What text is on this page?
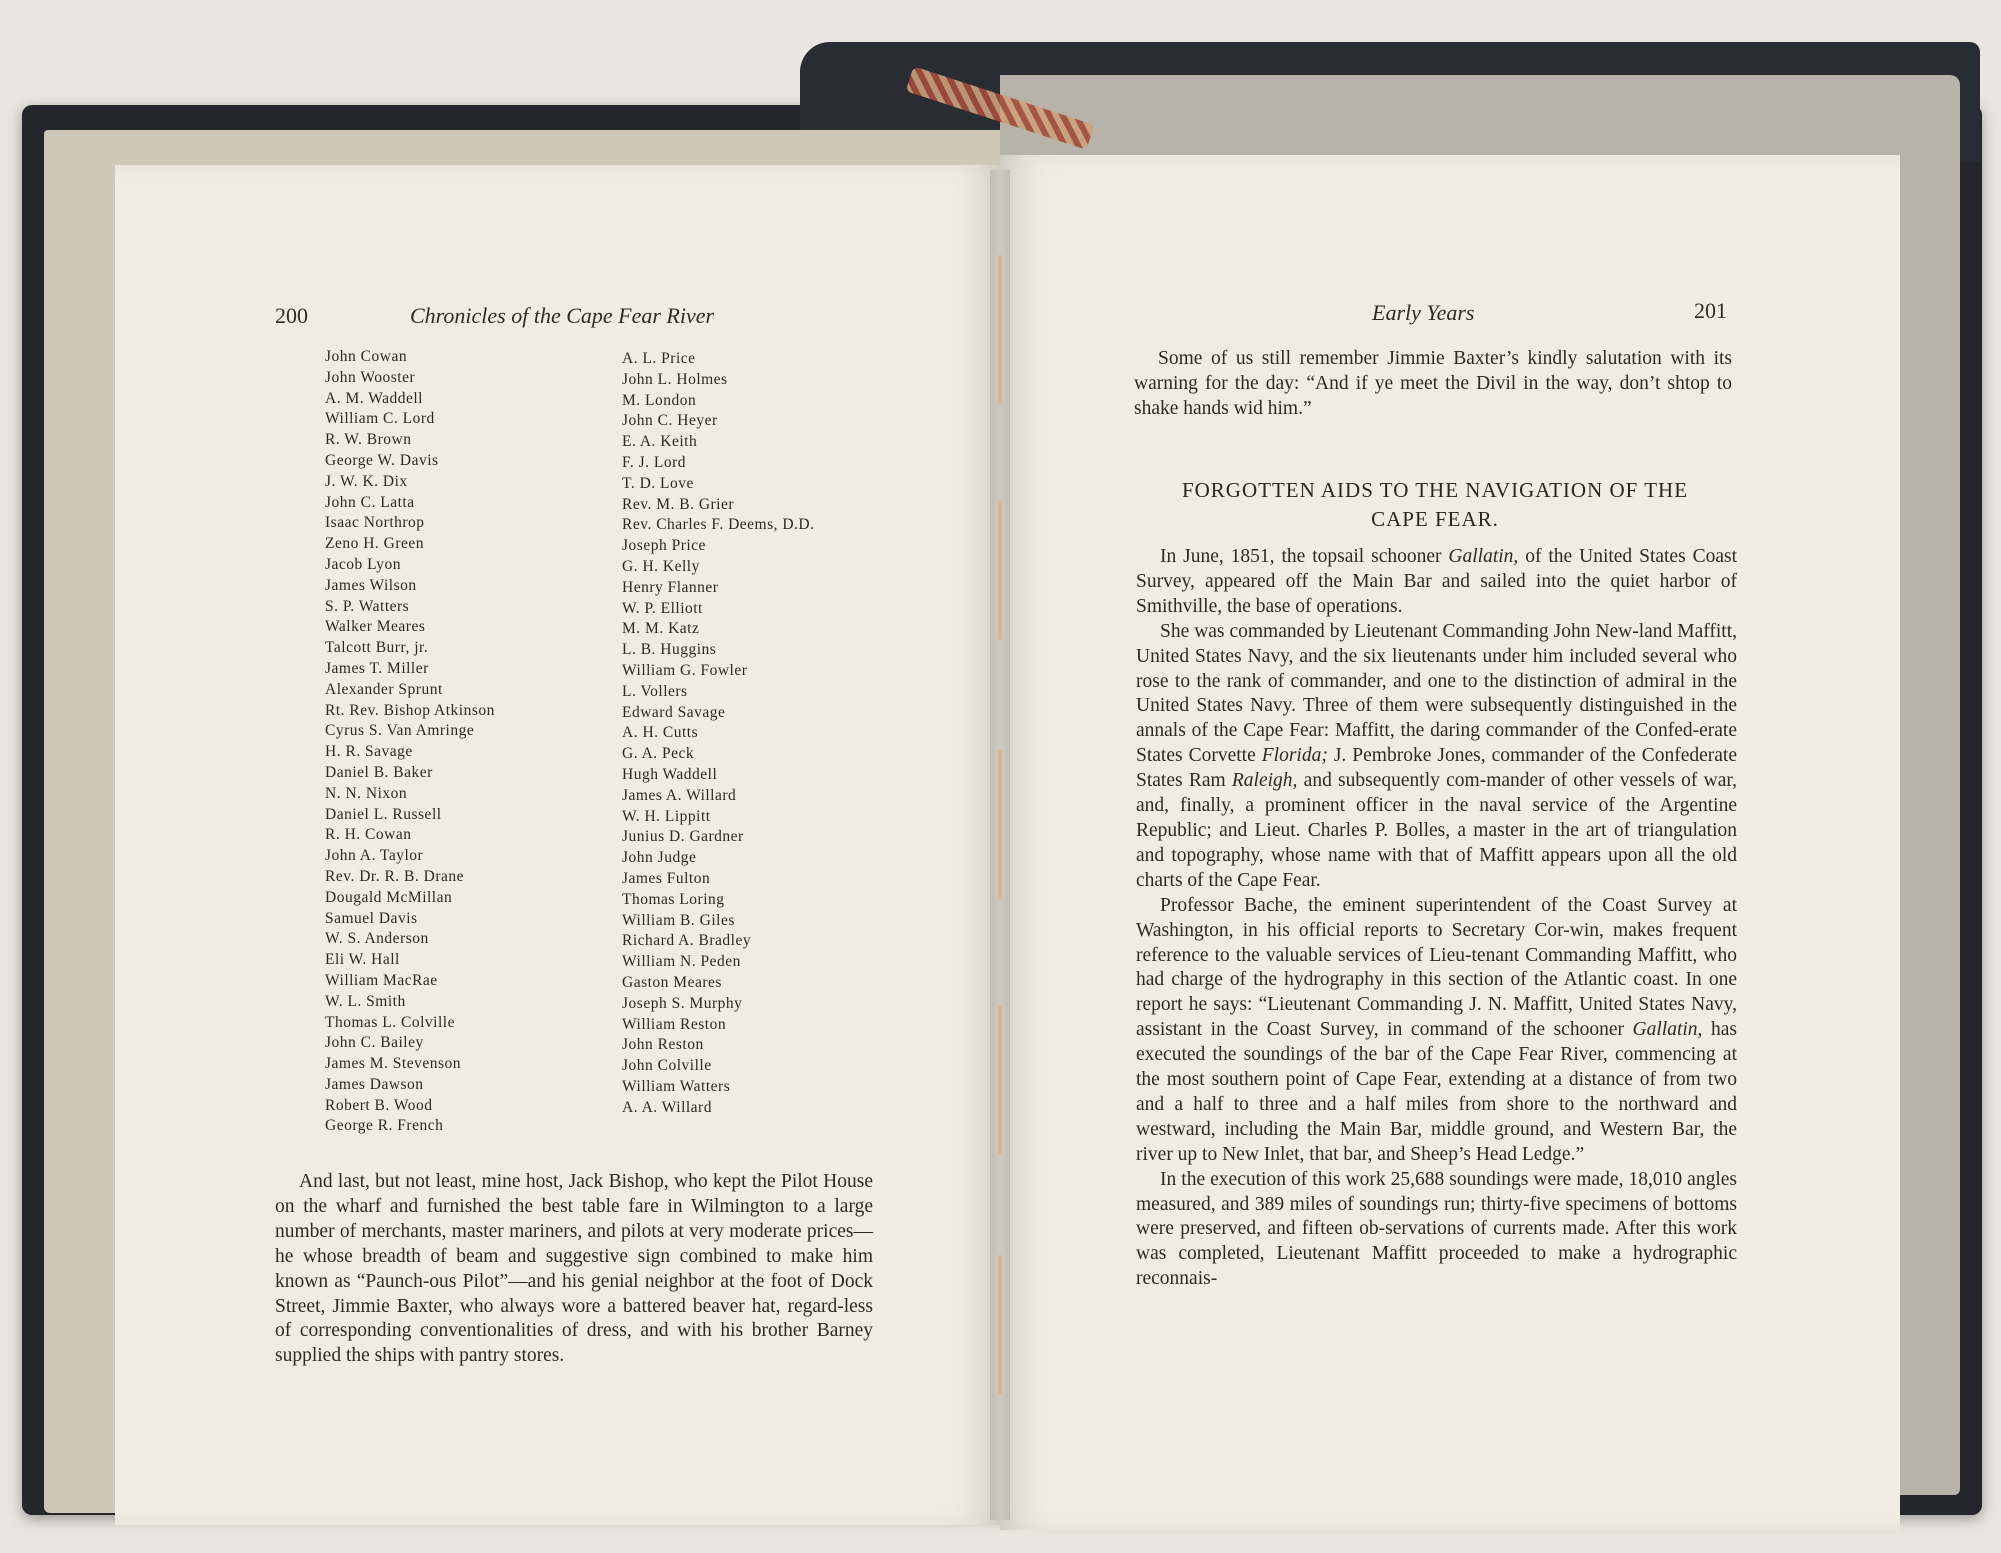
200	Chronicles of the Cape Fear River
John Cowan
John Wooster
A. M. Waddell
William C. Lord
R. W. Brown
George W. Davis
J. W. K. Dix
John C. Latta
Isaac Northrop
Zeno H. Green
Jacob Lyon
James Wilson
S. P. Watters
Walker Meares
Talcott Burr, jr.
James T. Miller
Alexander Sprunt
Rt. Rev. Bishop Atkinson
Cyrus S. Van Amringe
H. R. Savage
Daniel B. Baker
N. N. Nixon
Daniel L. Russell
R. H. Cowan
John A. Taylor
Rev. Dr. R. B. Drane
Dougald McMillan
Samuel Davis
W. S. Anderson
Eli W. Hall
William MacRae
W. L. Smith
Thomas L. Colville
John C. Bailey
James M. Stevenson
James Dawson
Robert B. Wood
George R. French
A. L. Price
John L. Holmes
M. London
John C. Heyer
E. A. Keith
F. J. Lord
T. D. Love
Rev. M. B. Grier
Rev. Charles F. Deems, D.D.
Joseph Price
G. H. Kelly
Henry Flanner
W. P. Elliott
M. M. Katz
L. B. Huggins
William G. Fowler
L. Vollers
Edward Savage
A. H. Cutts
G. A. Peck
Hugh Waddell
James A. Willard
W. H. Lippitt
Junius D. Gardner
John Judge
James Fulton
Thomas Loring
William B. Giles
Richard A. Bradley
William N. Peden
Gaston Meares
Joseph S. Murphy
William Reston
John Reston
John Colville
William Watters
A. A. Willard

And last, but not least, mine host, Jack Bishop, who kept the Pilot House on the wharf and furnished the best table fare in Wilmington to a large number of merchants, master mariners, and pilots at very moderate prices—he whose breadth of beam and suggestive sign combined to make him known as “Paunch-ous Pilot”—and his genial neighbor at the foot of Dock Street, Jimmie Baxter, who always wore a battered beaver hat, regard-less of corresponding conventionalities of dress, and with his brother Barney supplied the ships with pantry stores.

Early Years	201

Some of us still remember Jimmie Baxter’s kindly salutation with its warning for the day: “And if ye meet the Divil in the way, don’t shtop to shake hands wid him.”

FORGOTTEN AIDS TO THE NAVIGATION OF THE
CAPE FEAR.

In June, 1851, the topsail schooner Gallatin, of the United States Coast Survey, appeared off the Main Bar and sailed into the quiet harbor of Smithville, the base of operations.

She was commanded by Lieutenant Commanding John New-land Maffitt, United States Navy, and the six lieutenants under him included several who rose to the rank of commander, and one to the distinction of admiral in the United States Navy. Three of them were subsequently distinguished in the annals of the Cape Fear: Maffitt, the daring commander of the Confed-erate States Corvette Florida; J. Pembroke Jones, commander of the Confederate States Ram Raleigh, and subsequently com-mander of other vessels of war, and, finally, a prominent officer in the naval service of the Argentine Republic; and Lieut. Charles P. Bolles, a master in the art of triangulation and topography, whose name with that of Maffitt appears upon all the old charts of the Cape Fear.

Professor Bache, the eminent superintendent of the Coast Survey at Washington, in his official reports to Secretary Cor-win, makes frequent reference to the valuable services of Lieu-tenant Commanding Maffitt, who had charge of the hydrography in this section of the Atlantic coast. In one report he says: “Lieutenant Commanding J. N. Maffitt, United States Navy, assistant in the Coast Survey, in command of the schooner Gallatin, has executed the soundings of the bar of the Cape Fear River, commencing at the most southern point of Cape Fear, extending at a distance of from two and a half to three and a half miles from shore to the northward and westward, including the Main Bar, middle ground, and Western Bar, the river up to New Inlet, that bar, and Sheep’s Head Ledge.”

In the execution of this work 25,688 soundings were made, 18,010 angles measured, and 389 miles of soundings run; thirty-five specimens of bottoms were preserved, and fifteen ob-servations of currents made. After this work was completed, Lieutenant Maffitt proceeded to make a hydrographic reconnais-
